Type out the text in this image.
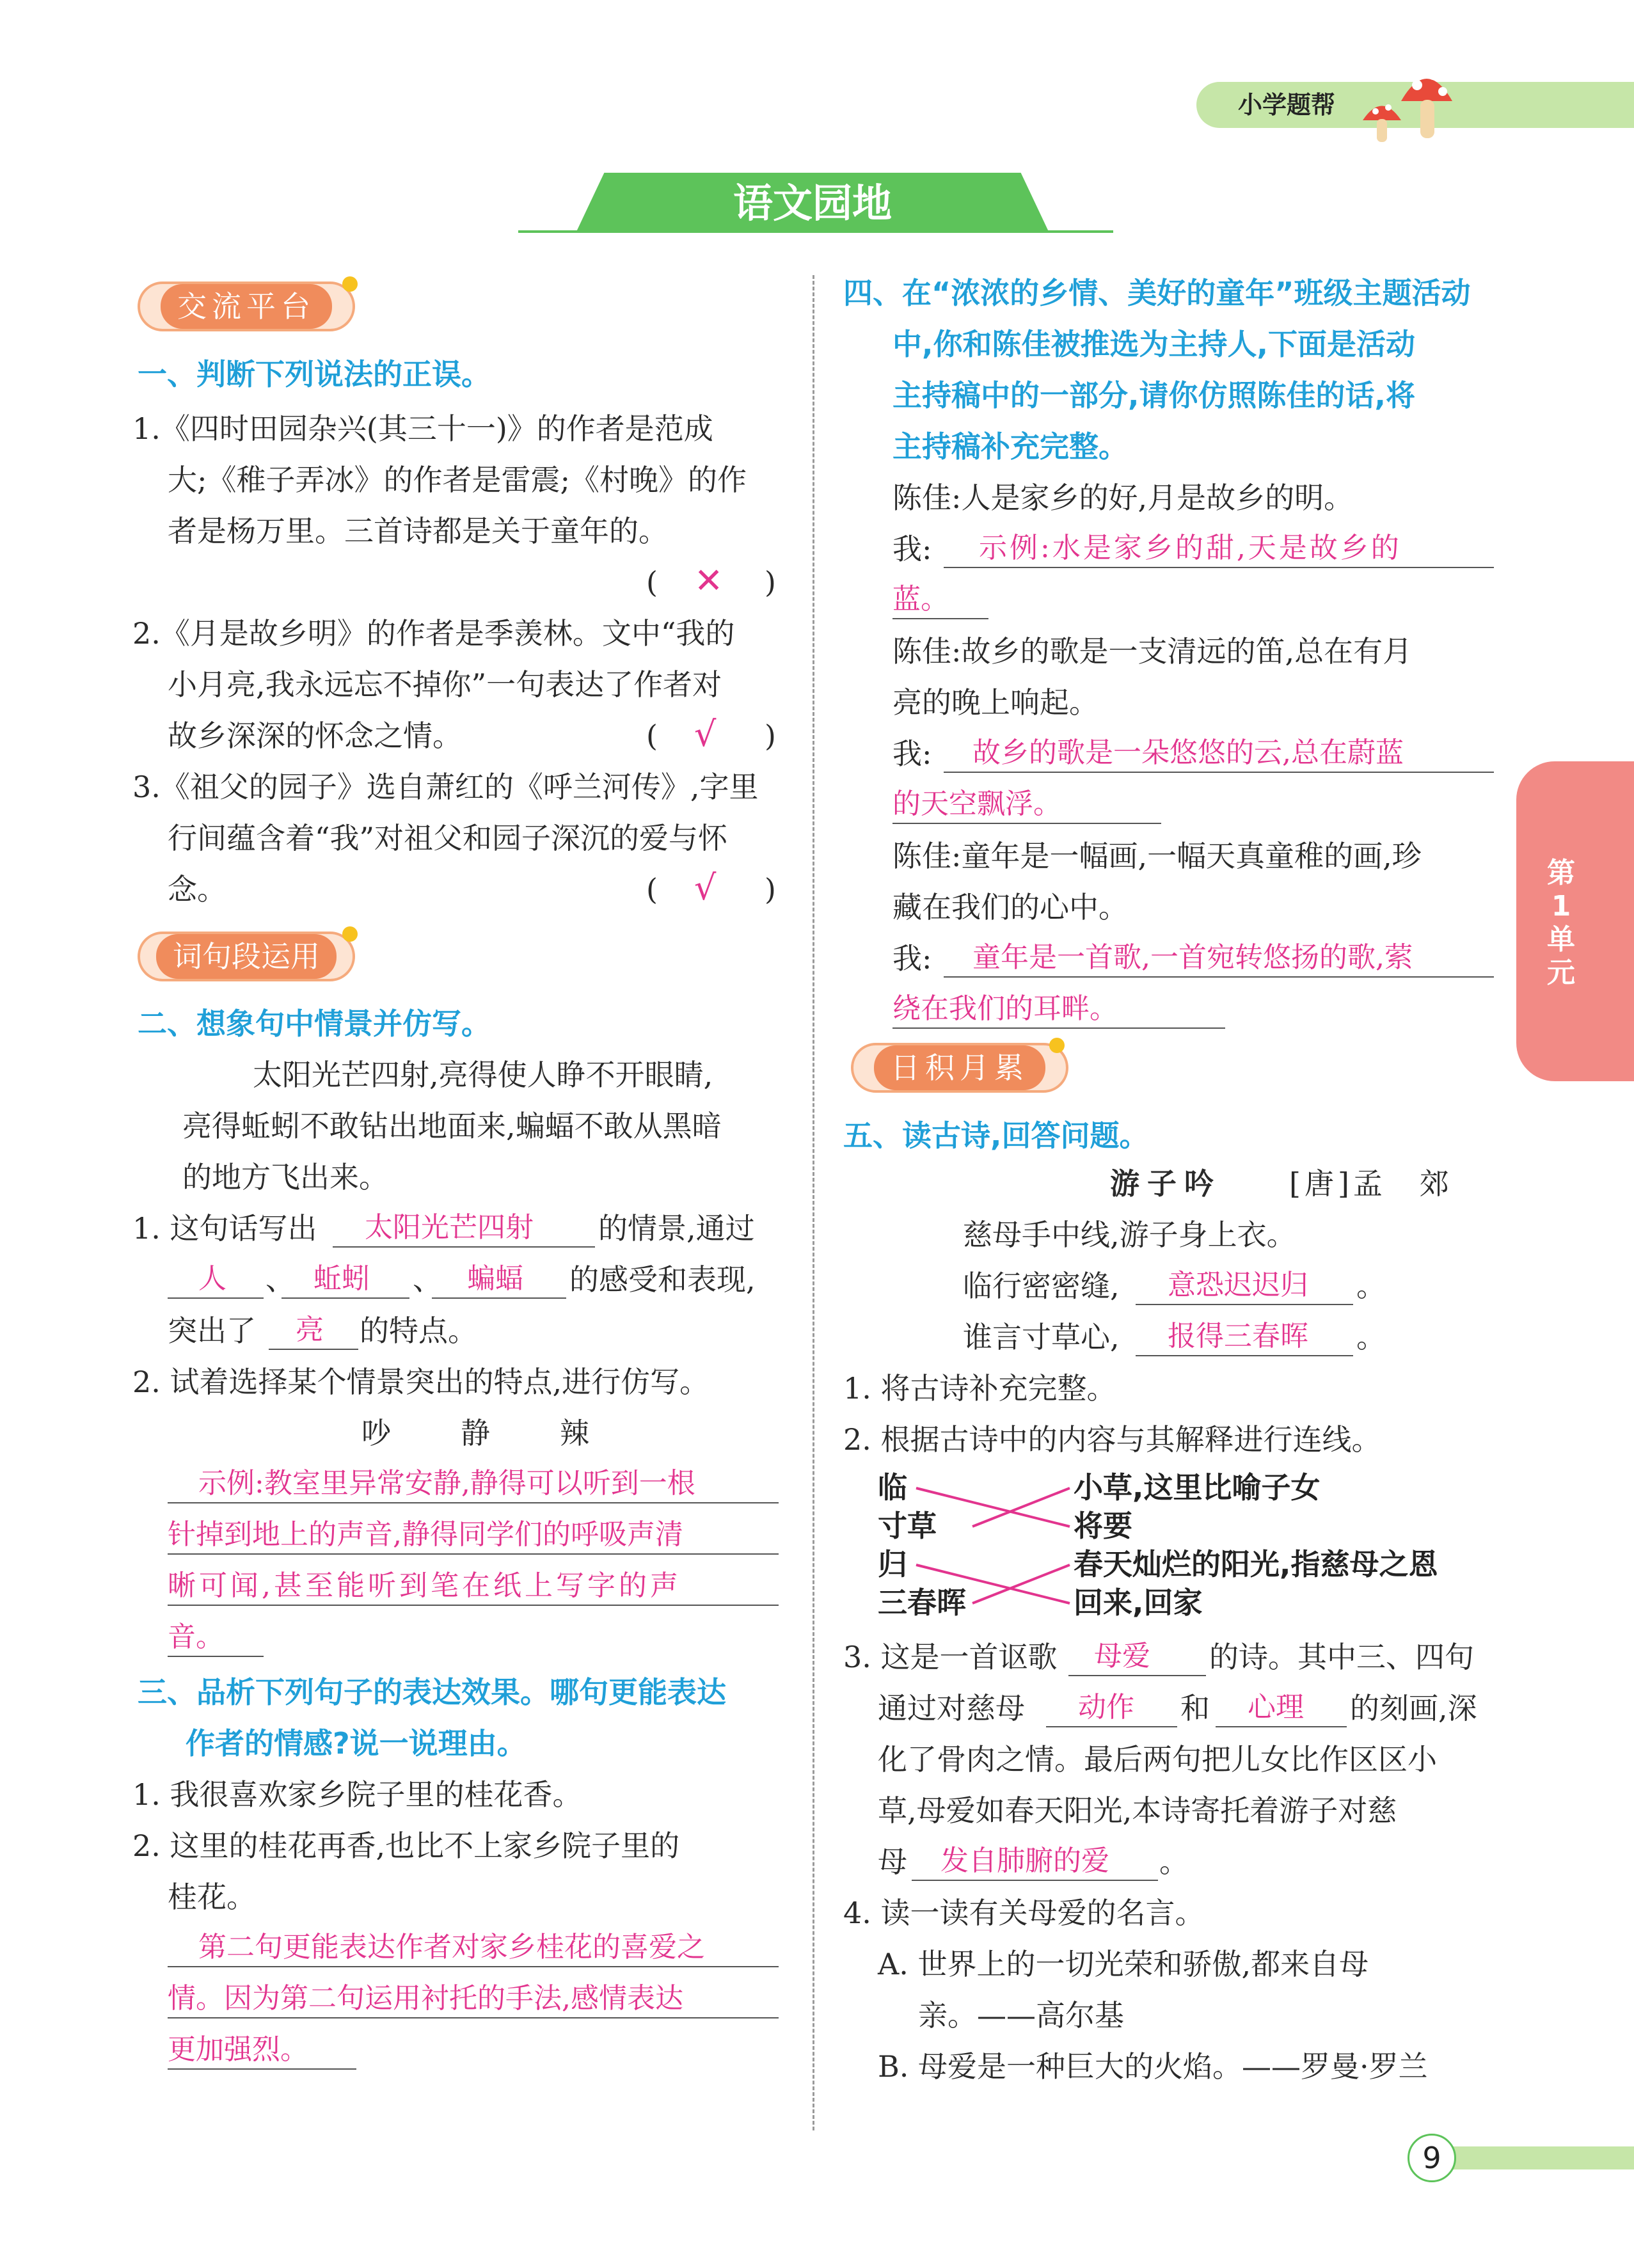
小学题帮
语文园地
第
1
单
元
9
交流平台
一、判断下列说法的正误。
1.《四时田园杂兴(其三十一)》的作者是范成
大;《稚子弄冰》的作者是雷震;《村晚》的作
者是杨万里。三首诗都是关于童年的。
( ✕ )
2.《月是故乡明》的作者是季羡林。文中“我的
小月亮,我永远忘不掉你”一句表达了作者对
故乡深深的怀念之情。	( √ )
3.《祖父的园子》选自萧红的《呼兰河传》,字里
行间蕴含着“我”对祖父和园子深沉的爱与怀
念。	( √ )
词句段运用
二、想象句中情景并仿写。
太阳光芒四射,亮得使人睁不开眼睛,
亮得蚯蚓不敢钻出地面来,蝙蝠不敢从黑暗
的地方飞出来。
1. 这句话写出 太阳光芒四射 的情景,通过
人 、 蚯蚓 、 蝙蝠 的感受和表现,
突出了 亮 的特点。
2. 试着选择某个情景突出的特点,进行仿写。
吵 静 辣
示例:教室里异常安静,静得可以听到一根
针掉到地上的声音,静得同学们的呼吸声清
晰可闻,甚至能听到笔在纸上写字的声
音。
三、品析下列句子的表达效果。哪句更能表达
作者的情感?说一说理由。
1. 我很喜欢家乡院子里的桂花香。
2. 这里的桂花再香,也比不上家乡院子里的
桂花。
第二句更能表达作者对家乡桂花的喜爱之
情。因为第二句运用衬托的手法,感情表达
更加强烈。
四、在“浓浓的乡情、美好的童年”班级主题活动
中,你和陈佳被推选为主持人,下面是活动
主持稿中的一部分,请你仿照陈佳的话,将
主持稿补充完整。
陈佳:人是家乡的好,月是故乡的明。
我: 示例:水是家乡的甜,天是故乡的
蓝。
陈佳:故乡的歌是一支清远的笛,总在有月
亮的晚上响起。
我: 故乡的歌是一朵悠悠的云,总在蔚蓝
的天空飘浮。
陈佳:童年是一幅画,一幅天真童稚的画,珍
藏在我们的心中。
我: 童年是一首歌,一首宛转悠扬的歌,萦
绕在我们的耳畔。
日积月累
五、读古诗,回答问题。
游子吟 [唐]孟　郊
慈母手中线,游子身上衣。
临行密密缝, 意恐迟迟归 。
谁言寸草心, 报得三春晖 。
1. 将古诗补充完整。
2. 根据古诗中的内容与其解释进行连线。
临
寸草
归
三春晖
小草,这里比喻子女
将要
春天灿烂的阳光,指慈母之恩
回来,回家
3. 这是一首讴歌 母爱 的诗。其中三、四句
通过对慈母 动作 和 心理 的刻画,深
化了骨肉之情。最后两句把儿女比作区区小
草,母爱如春天阳光,本诗寄托着游子对慈
母 发自肺腑的爱 。
4. 读一读有关母爱的名言。
A. 世界上的一切光荣和骄傲,都来自母
亲。——高尔基
B. 母爱是一种巨大的火焰。——罗曼·罗兰
